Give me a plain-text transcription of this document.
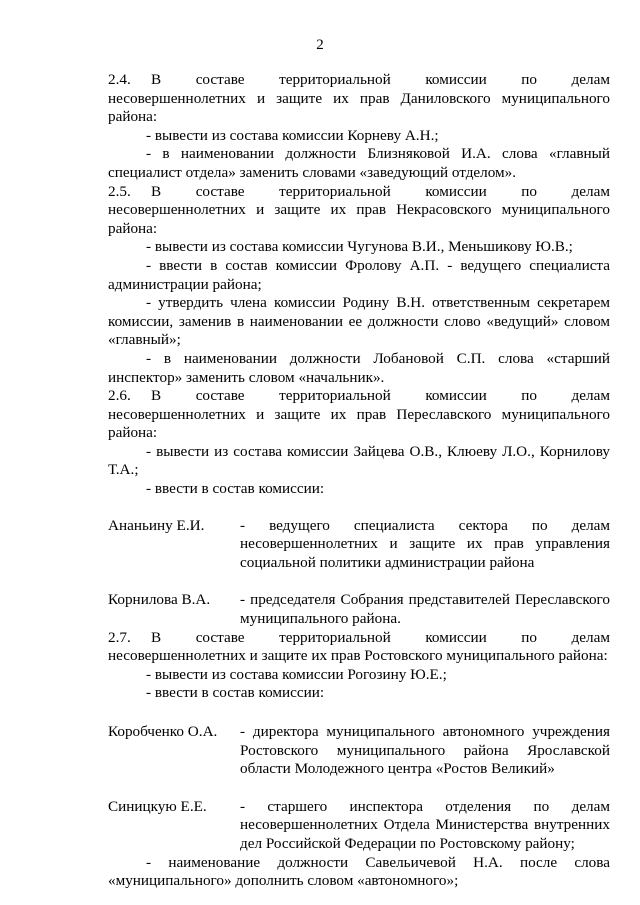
2
2.4.	В составе территориальной комиссии по делам

несовершеннолетних и защите их прав Даниловского муниципального района:

- вывести из состава комиссии Корневу А.Н.;

- в наименовании должности Близняковой И.А. слова «главный специалист отдела» заменить словами «заведующий отделом».

2.5.	В составе территориальной комиссии по делам

несовершеннолетних и защите их прав Некрасовского муниципального района:

- вывести из состава комиссии Чугунова В.И., Меньшикову Ю.В.;

- ввести в состав комиссии Фролову А.П. - ведущего специалиста администрации района;

- утвердить члена комиссии Родину В.Н. ответственным секретарем комиссии, заменив в наименовании ее должности слово «ведущий» словом «главный»;

- в наименовании должности Лобановой С.П. слова «старший инспектор» заменить словом «начальник».

2.6.	В составе территориальной комиссии по делам

несовершеннолетних и защите их прав Переславского муниципального района:

- вывести из состава комиссии Зайцева О.В., Клюеву Л.О., Корнилову Т.А.;

- ввести в состав комиссии:

Ананьину Е.И.	- ведущего специалиста сектора по делам несовершеннолетних и защите их прав управления социальной политики администрации района
Корнилова В.А.	- председателя Собрания представителей Переславского муниципального района.
2.7.	В составе территориальной комиссии по делам

несовершеннолетних и защите их прав Ростовского муниципального района:

- вывести из состава комиссии Рогозину Ю.Е.;

- ввести в состав комиссии:

Коробченко О.А.	- директора муниципального автономного учреждения Ростовского муниципального района Ярославской области Молодежного центра «Ростов Великий»
Синицкую Е.Е.	- старшего инспектора отделения по делам несовершеннолетних Отдела Министерства внутренних дел Российской Федерации по Ростовскому району;

- наименование должности Савельичевой Н.А. после слова «муниципального» дополнить словом «автономного»;
